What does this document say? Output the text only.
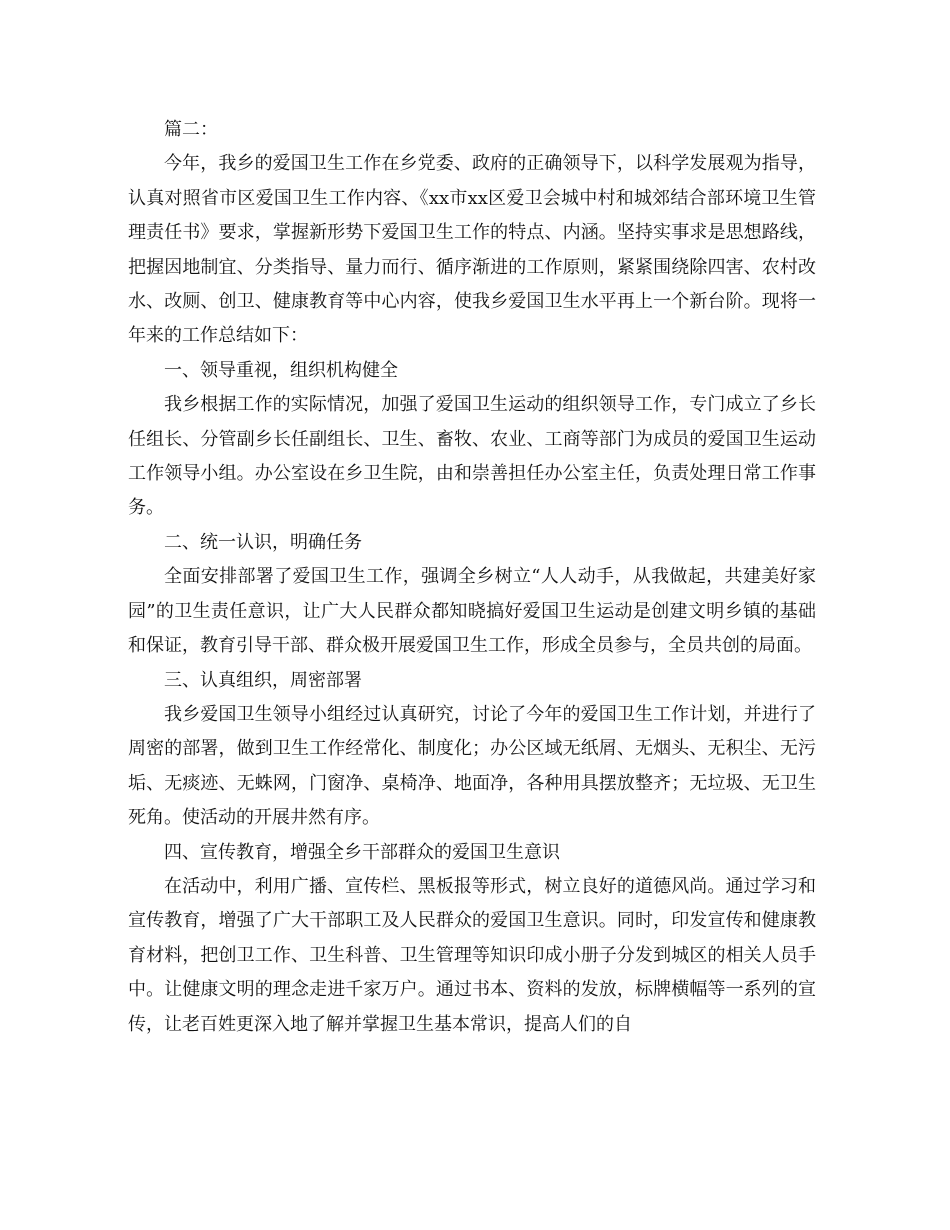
篇二：

今年，我乡的爱国卫生工作在乡党委、政府的正确领导下，以科学发展观为指导，认真对照省市区爱国卫生工作内容、《xx市xx区爱卫会城中村和城郊结合部环境卫生管理责任书》要求，掌握新形势下爱国卫生工作的特点、内涵。坚持实事求是思想路线，把握因地制宜、分类指导、量力而行、循序渐进的工作原则，紧紧围绕除四害、农村改水、改厕、创卫、健康教育等中心内容，使我乡爱国卫生水平再上一个新台阶。现将一年来的工作总结如下：

一、领导重视，组织机构健全

我乡根据工作的实际情况，加强了爱国卫生运动的组织领导工作，专门成立了乡长任组长、分管副乡长任副组长、卫生、畜牧、农业、工商等部门为成员的爱国卫生运动工作领导小组。办公室设在乡卫生院，由和崇善担任办公室主任，负责处理日常工作事务。

二、统一认识，明确任务

全面安排部署了爱国卫生工作，强调全乡树立“人人动手，从我做起，共建美好家园”的卫生责任意识，让广大人民群众都知晓搞好爱国卫生运动是创建文明乡镇的基础和保证，教育引导干部、群众极开展爱国卫生工作，形成全员参与，全员共创的局面。

三、认真组织，周密部署

我乡爱国卫生领导小组经过认真研究，讨论了今年的爱国卫生工作计划，并进行了周密的部署，做到卫生工作经常化、制度化；办公区域无纸屑、无烟头、无积尘、无污垢、无痰迹、无蛛网，门窗净、桌椅净、地面净，各种用具摆放整齐；无垃圾、无卫生死角。使活动的开展井然有序。

四、宣传教育，增强全乡干部群众的爱国卫生意识

在活动中，利用广播、宣传栏、黑板报等形式，树立良好的道德风尚。通过学习和宣传教育，增强了广大干部职工及人民群众的爱国卫生意识。同时，印发宣传和健康教育材料，把创卫工作、卫生科普、卫生管理等知识印成小册子分发到城区的相关人员手中。让健康文明的理念走进千家万户。通过书本、资料的发放，标牌横幅等一系列的宣传，让老百姓更深入地了解并掌握卫生基本常识，提高人们的自
